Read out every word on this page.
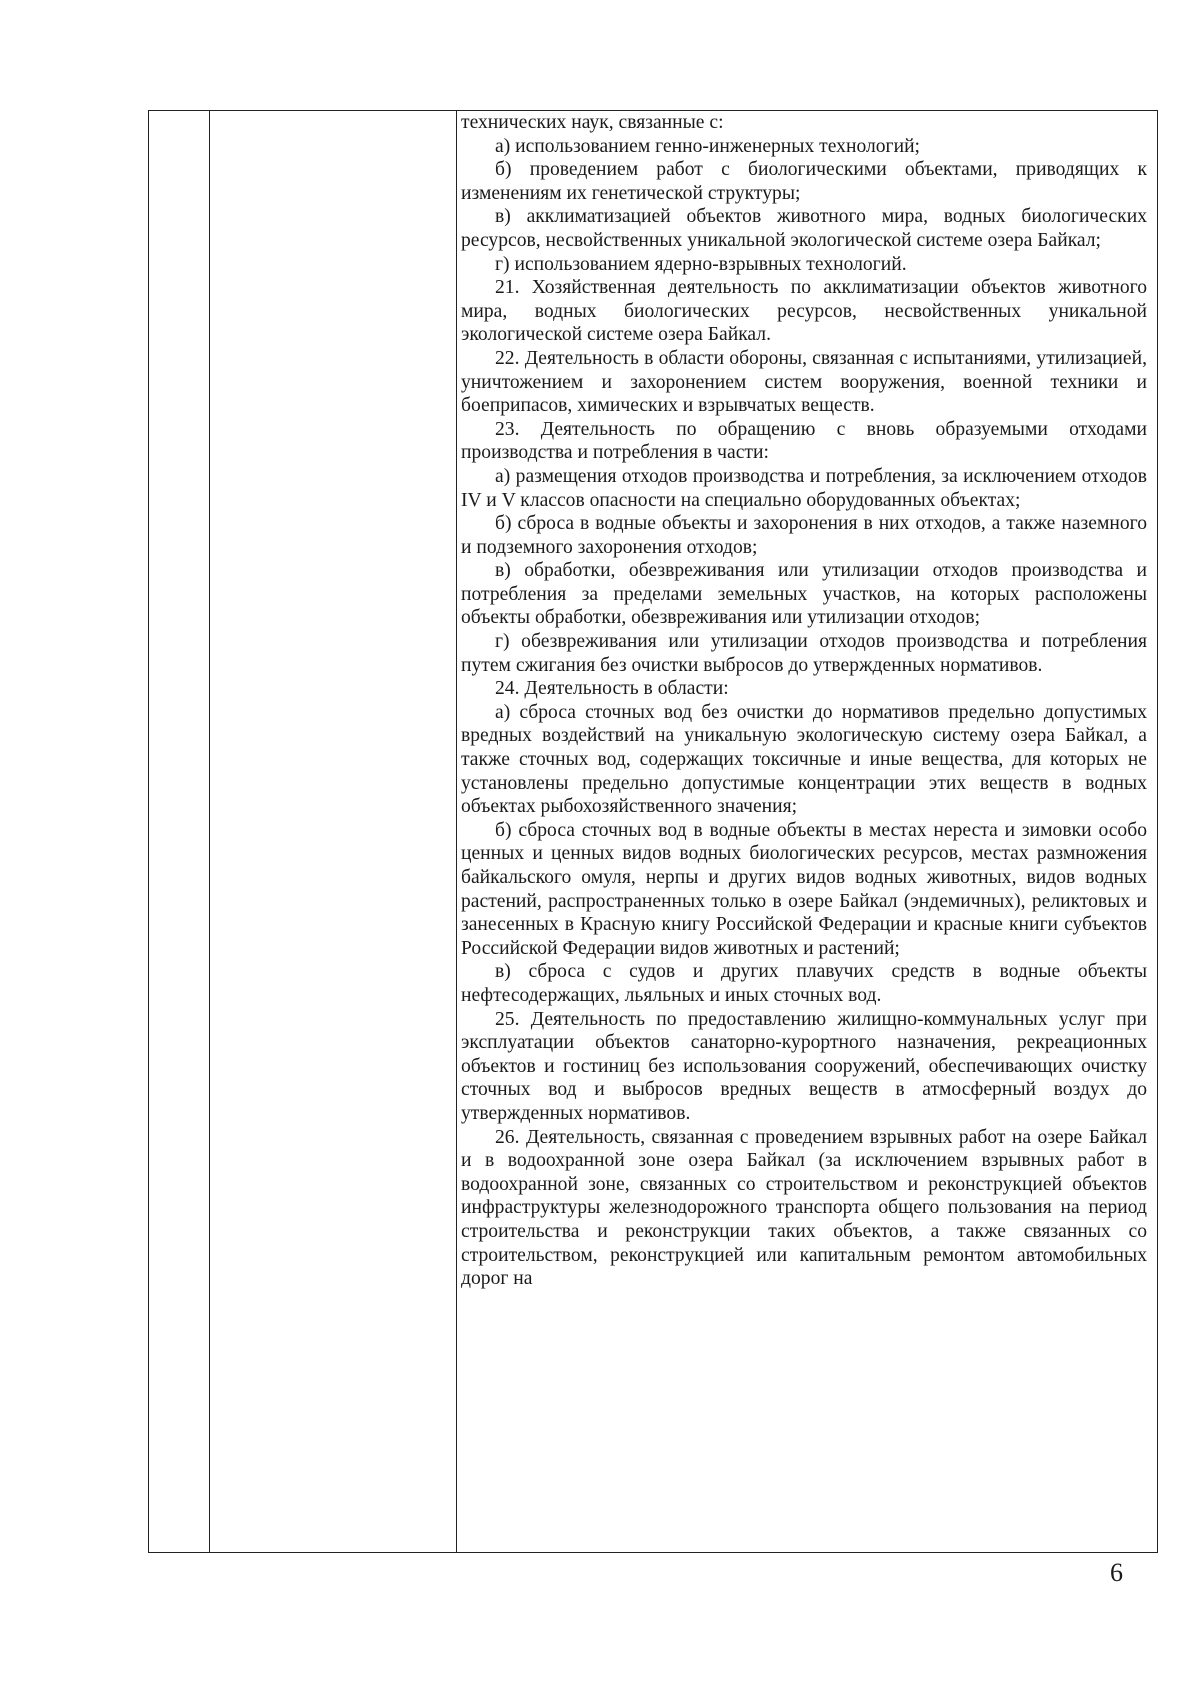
технических наук, связанные с:

а) использованием генно-инженерных технологий;

б) проведением работ с биологическими объектами, приводящих к изменениям их генетической структуры;

в) акклиматизацией объектов животного мира, водных биологических ресурсов, несвойственных уникальной экологической системе озера Байкал;

г) использованием ядерно-взрывных технологий.

21. Хозяйственная деятельность по акклиматизации объектов животного мира, водных биологических ресурсов, несвойственных уникальной экологической системе озера Байкал.

22. Деятельность в области обороны, связанная с испытаниями, утилизацией, уничтожением и захоронением систем вооружения, военной техники и боеприпасов, химических и взрывчатых веществ.

23. Деятельность по обращению с вновь образуемыми отходами производства и потребления в части:

а) размещения отходов производства и потребления, за исключением отходов IV и V классов опасности на специально оборудованных объектах;

б) сброса в водные объекты и захоронения в них отходов, а также наземного и подземного захоронения отходов;

в) обработки, обезвреживания или утилизации отходов производства и потребления за пределами земельных участков, на которых расположены объекты обработки, обезвреживания или утилизации отходов;

г) обезвреживания или утилизации отходов производства и потребления путем сжигания без очистки выбросов до утвержденных нормативов.

24. Деятельность в области:

а) сброса сточных вод без очистки до нормативов предельно допустимых вредных воздействий на уникальную экологическую систему озера Байкал, а также сточных вод, содержащих токсичные и иные вещества, для которых не установлены предельно допустимые концентрации этих веществ в водных объектах рыбохозяйственного значения;

б) сброса сточных вод в водные объекты в местах нереста и зимовки особо ценных и ценных видов водных биологических ресурсов, местах размножения байкальского омуля, нерпы и других видов водных животных, видов водных растений, распространенных только в озере Байкал (эндемичных), реликтовых и занесенных в Красную книгу Российской Федерации и красные книги субъектов Российской Федерации видов животных и растений;

в) сброса с судов и других плавучих средств в водные объекты нефтесодержащих, льяльных и иных сточных вод.

25. Деятельность по предоставлению жилищно-коммунальных услуг при эксплуатации объектов санаторно-курортного назначения, рекреационных объектов и гостиниц без использования сооружений, обеспечивающих очистку сточных вод и выбросов вредных веществ в атмосферный воздух до утвержденных нормативов.

26. Деятельность, связанная с проведением взрывных работ на озере Байкал и в водоохранной зоне озера Байкал (за исключением взрывных работ в водоохранной зоне, связанных со строительством и реконструкцией объектов инфраструктуры железнодорожного транспорта общего пользования на период строительства и реконструкции таких объектов, а также связанных со строительством, реконструкцией или капитальным ремонтом автомобильных дорог на

6
